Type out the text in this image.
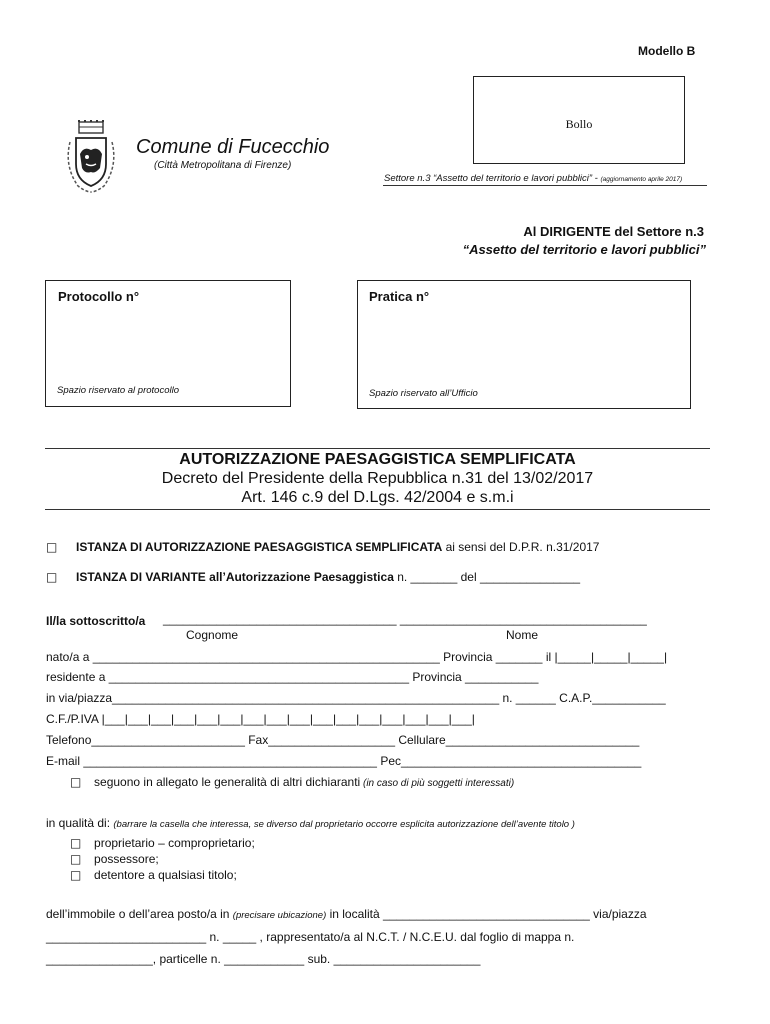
Modello B
Bollo
Comune di Fucecchio
(Città Metropolitana di Firenze)
Settore n.3 “Assetto del territorio e lavori pubblici” - (aggiornamento aprile 2017)
Al DIRIGENTE del Settore n.3
“Assetto del territorio e lavori pubblici”
Protocollo n°
Spazio riservato al protocollo
Pratica n°
Spazio riservato all’Ufficio
AUTORIZZAZIONE PAESAGGISTICA SEMPLIFICATA
Decreto del Presidente della Repubblica n.31 del 13/02/2017
Art. 146 c.9 del D.Lgs. 42/2004 e s.m.i
□ ISTANZA DI AUTORIZZAZIONE PAESAGGISTICA SEMPLIFICATA ai sensi del D.P.R. n.31/2017
□ ISTANZA DI VARIANTE all’Autorizzazione Paesaggistica n. _______ del _______________
Il/la sottoscritto/a ___________________________________ _____________________________________
Cognome	Nome
nato/a a ____________________________________________________ Provincia _______ il |_____|_____|_____|
residente a _____________________________________________ Provincia ___________
in via/piazza__________________________________________________________ n. ______ C.A.P.___________
C.F./P.IVA |___|___|___|___|___|___|___|___|___|___|___|___|___|___|___|___|
Telefono_______________________ Fax___________________ Cellulare_____________________________
E-mail ____________________________________________ Pec____________________________________
□ seguono in allegato le generalità di altri dichiaranti (in caso di più soggetti interessati)
in qualità di: (barrare la casella che interessa, se diverso dal proprietario occorre esplicita autorizzazione dell’avente titolo )
□ proprietario – comproprietario;
□ possessore;
□ detentore a qualsiasi titolo;
dell’immobile o dell’area posto/a in (precisare ubicazione) in località _______________________________ via/piazza
________________________ n. _____ , rappresentato/a al N.C.T. / N.C.E.U. dal foglio di mappa n.
________________, particelle n. ____________ sub. ______________________
